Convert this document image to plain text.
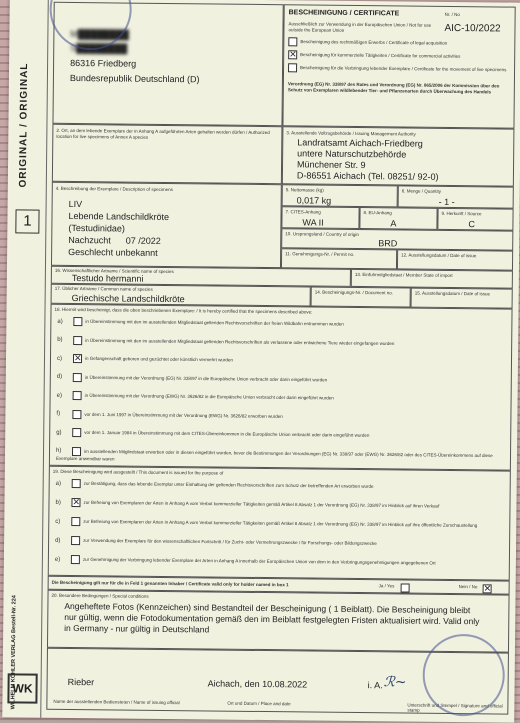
ORIGINAL / ORIGINAL
1
WILHELM KÖHLER VERLAG Bestell-Nr. 224
WK
M████████
S████████
86316 Friedberg
Bundesrepublik Deutschland (D)
BESCHEINIGUNG / CERTIFICATE	Nr. / No
AIC-10/2022
Ausschließlich zur Verwendung in der Europäischen Union / Not for use outside the European Union
Bescheinigung des rechtmäßigen Erwerbs / Certificate of legal acquisition
✕ Bescheinigung für kommerzielle Tätigkeiten / Certificate for commercial activities
Bescheinigung für die Verbringung lebender Exemplare / Certificate for the movement of live specimens
Verordnung (EG) Nr. 338/97 des Rates und Verordnung (EG) Nr. 865/2006 der Kommission über den Schutz von Exemplaren wildlebender Tier- und Pflanzenarten durch Überwachung des Handels
2. Ort, an dem lebende Exemplare der in Anhang A aufgeführten Arten gehalten werden dürfen / Authorized location for live specimens of Annex A species	3. Ausstellende Vollzugsbehörde / Issuing Management Authority
Landratsamt Aichach-Friedberg
untere Naturschutzbehörde
Münchener Str. 9
D-86551 Aichach (Tel. 08251/ 92-0)
4. Beschreibung der Exemplare / Description of specimens
LIV
Lebende Landschildkröte
(Testudinidae)
Nachzucht      07 /2022
Geschlecht unbekannt
5. Nettomasse (kg)
0,017 kg
6. Menge / Quantity
- 1 -
7. CITES-Anhang
WA II
8. EU-Anhang
A
9. Herkunft / Source
C
10. Ursprungsland / Country of origin
BRD
11. Genehmigungs-Nr. / Permit no.	12. Ausstellungsdatum / Date of issue
16. Wissenschaftlicher Artname / Scientific name of species
Testudo hermanni	13. Einfuhrmitgliedstaat / Member State of import
17. Üblicher Artname / Common name of species
Griechische Landschildkröte
14. Bescheinigungs-Nr. / Document no.	15. Ausstellungsdatum / Date of issue
18. Hiermit wird bescheinigt, dass die oben beschriebenen Exemplare: / It is hereby certified that the specimens described above:
a)	in Übereinstimmung mit den im ausstellenden Mitgliedstaat geltenden Rechtsvorschriften der freien Wildbahn entnommen wurden
b)	in Übereinstimmung mit den im ausstellenden Mitgliedstaat geltenden Rechtsvorschriften als verlassene oder entwichene Tiere wieder eingefangen wurden
c) ✕ in Gefangenschaft geboren und gezüchtet oder künstlich vermehrt wurden
d)	in Übereinstimmung mit der Verordnung (EG) Nr. 338/97 in die Europäische Union verbracht oder darin eingeführt wurden
e)	in Übereinstimmung mit der Verordnung (EWG) Nr. 3626/82 in die Europäische Union verbracht oder darin eingeführt wurden
f)	vor dem 1. Juni 1997 in Übereinstimmung mit der Verordnung (EWG) Nr. 3626/82 erworben wurden
g)	vor dem 1. Januar 1984 in Übereinstimmung mit dem CITES-Übereinkommen in die Europäische Union verbracht oder darin eingeführt wurden
h)	im ausstellenden Mitgliedstaat erworben oder in diesen eingeführt wurden, bevor die Bestimmungen der Verordnungen (EG) Nr. 338/97 oder (EWG) Nr. 3626/82 oder des CITES-Übereinkommens auf diese Exemplare anwendbar waren
19. Diese Bescheinigung wird ausgestellt / This document is issued for the purpose of
a)	zur Bestätigung, dass das lebende Exemplar unter Einhaltung der geltenden Rechtsvorschriften zum Schutz der betreffenden Art erworben wurde
b) ✕ zur Befreiung von Exemplaren der Arten in Anhang A vom Verbot kommerzieller Tätigkeiten gemäß Artikel 8 Absatz 1 der Verordnung (EG) Nr. 338/97 im Hinblick auf ihren Verkauf
c)	zur Befreiung von Exemplaren der Arten in Anhang A vom Verbot kommerzieller Tätigkeiten gemäß Artikel 8 Absatz 1 der Verordnung (EG) Nr. 338/97 im Hinblick auf ihre öffentliche Zurschaustellung
d)	zur Verwendung der Exemplare für den wissenschaftlichen Fortschritt / für Zucht- oder Vermehrungszwecke / für Forschungs- oder Bildungszwecke
e)	zur Genehmigung der Verbringung lebender Exemplare der Arten in Anhang A innerhalb der Europäischen Union von dem in den Verbringungsgenehmigungen angegebenen Ort
Die Bescheinigung gilt nur für die in Feld 1 genannten Inhaber / Certificate valid only for holder named in box 1	Ja / Yes	Nein / No ✕
20. Besondere Bedingungen / Special conditions
Angeheftete Fotos (Kennzeichen) sind Bestandteil der Bescheinigung ( 1 Beiblatt). Die Bescheinigung bleibt nur gültig, wenn die Fotodokumentation gemäß den im Beiblatt festgelegten Fristen aktualisiert wird. Valid only in Germany - nur gültig in Deutschland
Rieber
Name der ausstellenden Bediensteten / Name of issuing official
Aichach, den 10.08.2022
Ort und Datum / Place and date
i. A. ℛ~
Unterschrift und Stempel / Signature and official stamp
